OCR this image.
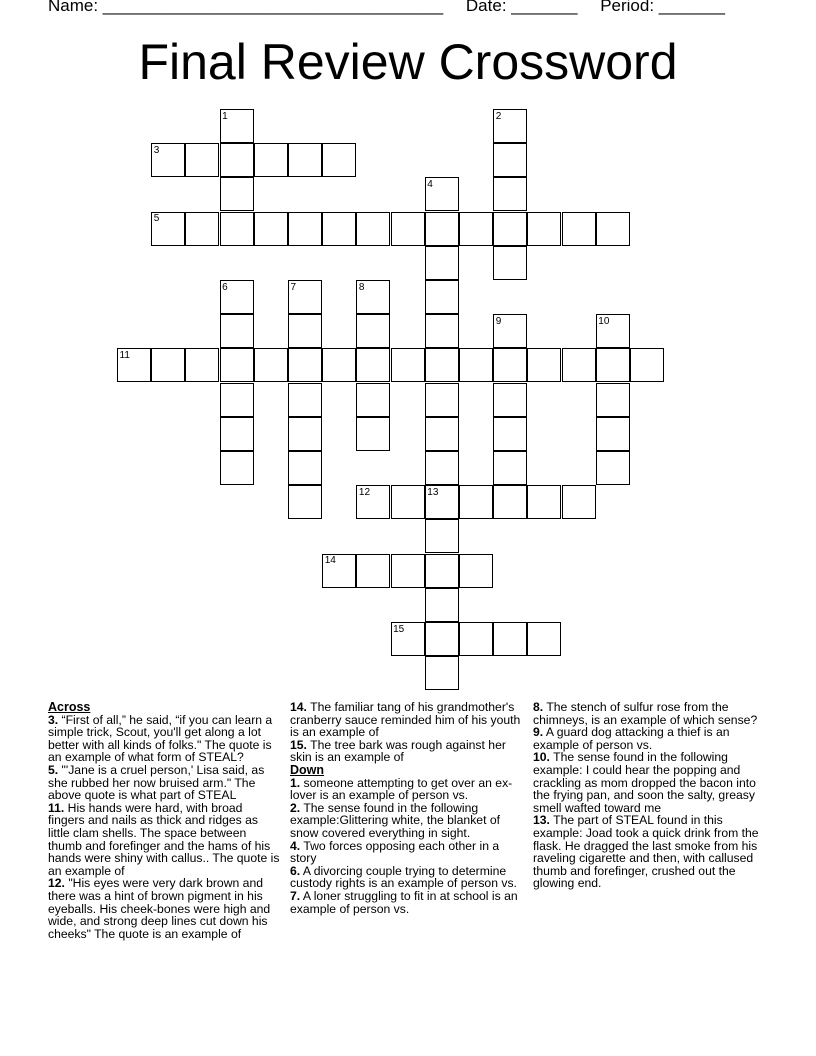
Name: ____________________________________ Date: _______ Period: _______
Final Review Crossword
1	2
3
4
5
6	7	8
9	10
11
12	13
14
15

Across

3. “First of all,” he said, “if you can learn a simple trick, Scout, you'll get along a lot better with all kinds of folks." The quote is an example of what form of STEAL?

5. "'Jane is a cruel person,' Lisa said, as she rubbed her now bruised arm." The above quote is what part of STEAL

11. His hands were hard, with broad fingers and nails as thick and ridges as little clam shells. The space between thumb and forefinger and the hams of his hands were shiny with callus.. The quote is an example of

12. "His eyes were very dark brown and there was a hint of brown pigment in his eyeballs. His cheek-bones were high and wide, and strong deep lines cut down his cheeks" The quote is an example of

14. The familiar tang of his grandmother's cranberry sauce reminded him of his youth is an example of

15. The tree bark was rough against her skin is an example of

Down

1. someone attempting to get over an ex-lover is an example of person vs.

2. The sense found in the following example:Glittering white, the blanket of snow covered everything in sight.

4. Two forces opposing each other in a story

6. A divorcing couple trying to determine custody rights is an example of person vs.

7. A loner struggling to fit in at school is an example of person vs.

8. The stench of sulfur rose from the chimneys, is an example of which sense?

9. A guard dog attacking a thief is an example of person vs.

10. The sense found in the following example: I could hear the popping and crackling as mom dropped the bacon into the frying pan, and soon the salty, greasy smell wafted toward me

13. The part of STEAL found in this example: Joad took a quick drink from the flask. He dragged the last smoke from his raveling cigarette and then, with callused thumb and forefinger, crushed out the glowing end.
